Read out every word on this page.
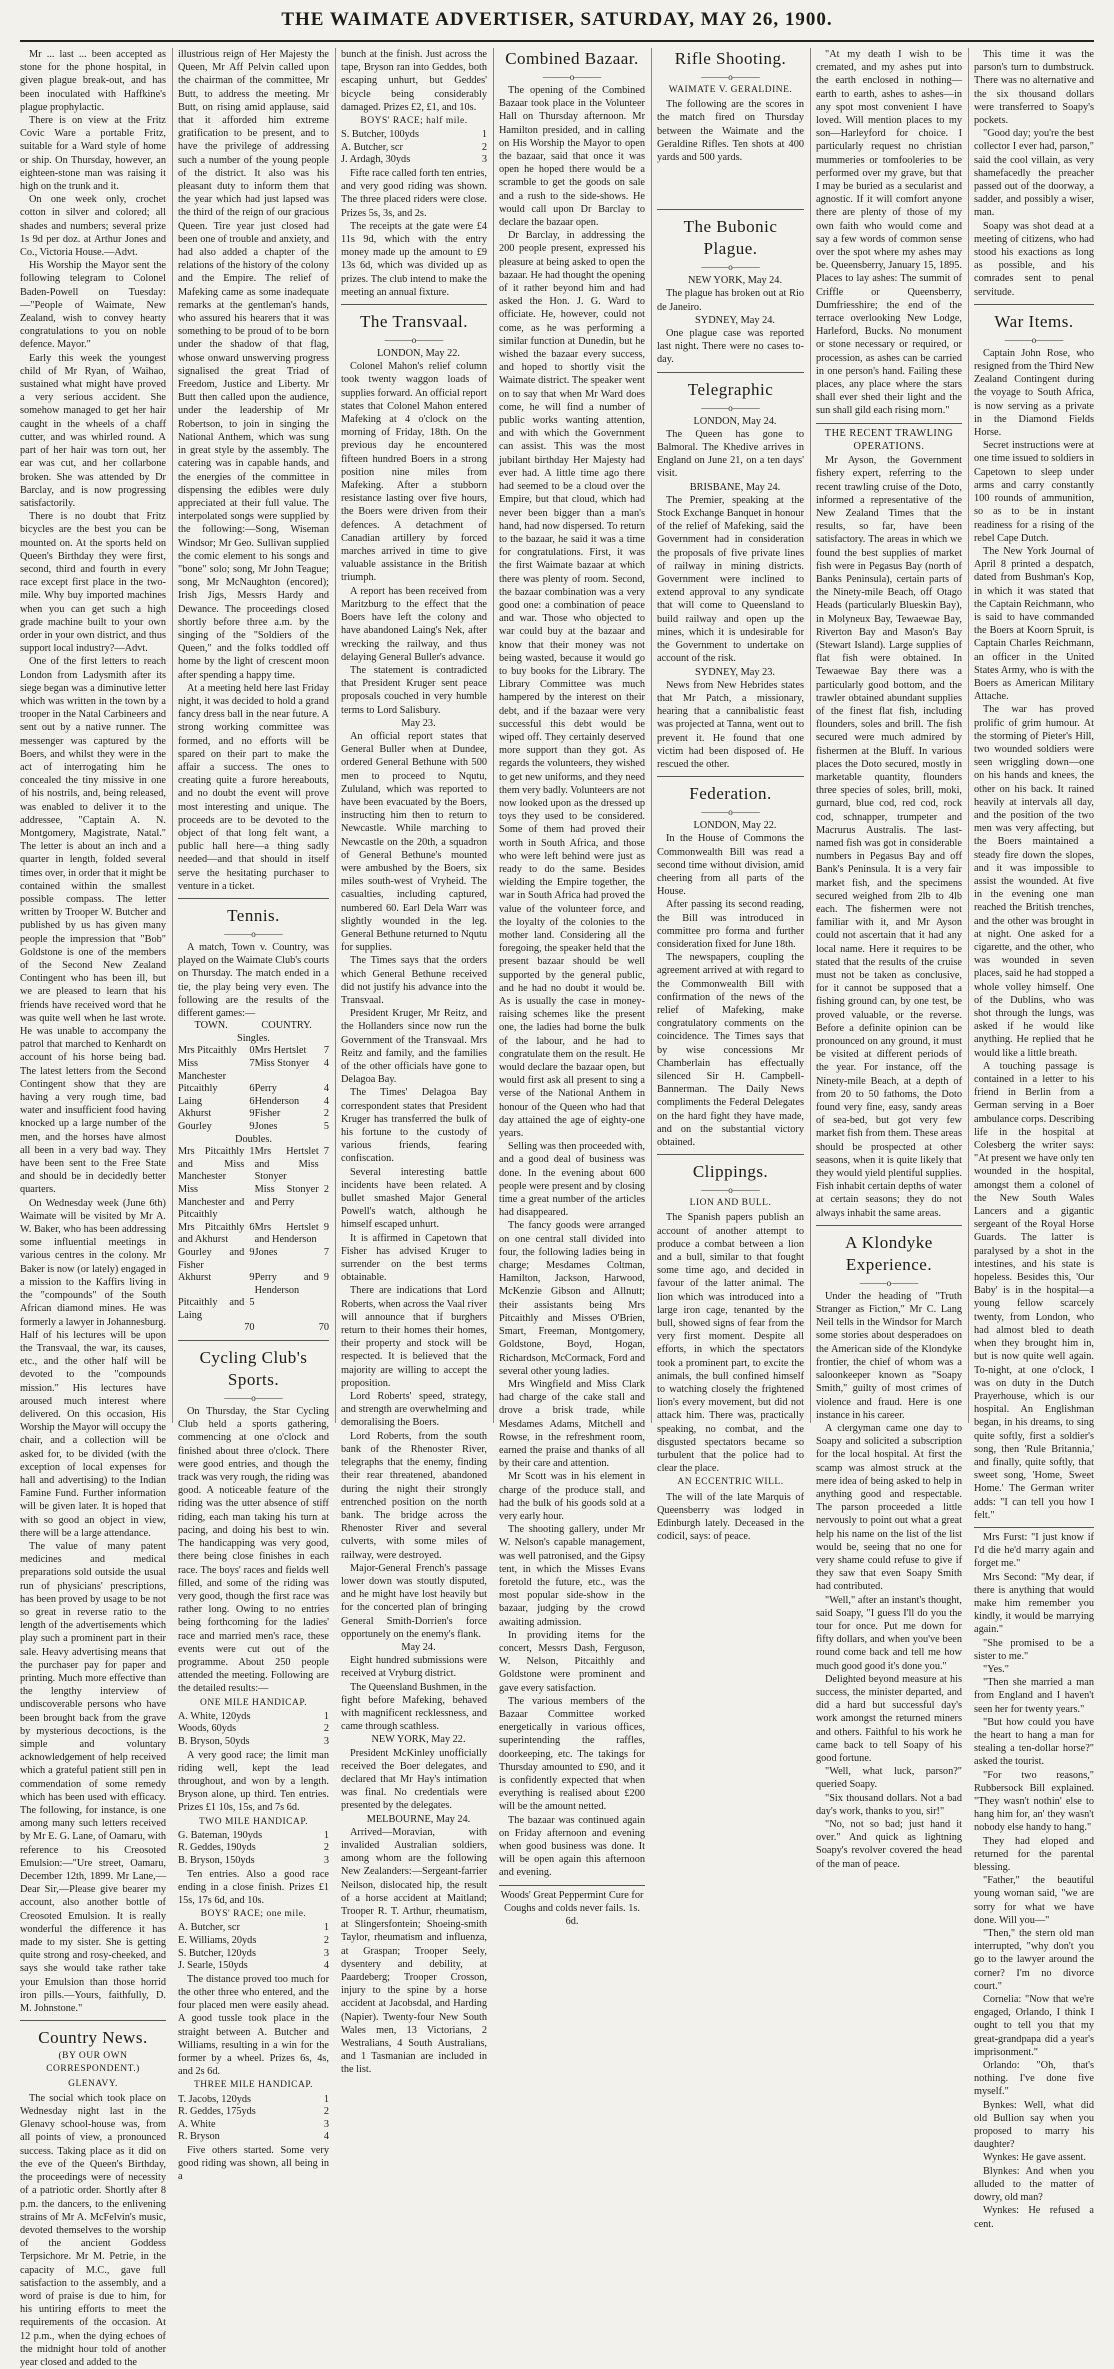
THE WAIMATE ADVERTISER, SATURDAY, MAY 26, 1900.

Mr ... last ... been accepted as stone for the phone hospital, in given plague break-out, and has been inoculated with Haffkine's plague prophylactic.

There is on view at the Fritz Covic Ware a portable Fritz, suitable for a Ward style of home or ship. On Thursday, however, an eighteen-stone man was raising it high on the trunk and it.

On one week only, crochet cotton in silver and colored; all shades and numbers; several prize 1s 9d per doz. at Arthur Jones and Co., Victoria House.—Advt.

His Worship the Mayor sent the following telegram to Colonel Baden-Powell on Tuesday:—"People of Waimate, New Zealand, wish to convey hearty congratulations to you on noble defence. Mayor."

Early this week the youngest child of Mr Ryan, of Waihao, sustained what might have proved a very serious accident. She somehow managed to get her hair caught in the wheels of a chaff cutter, and was whirled round. A part of her hair was torn out, her ear was cut, and her collarbone broken. She was attended by Dr Barclay, and is now progressing satisfactorily.

There is no doubt that Fritz bicycles are the best you can be mounted on. At the sports held on Queen's Birthday they were first, second, third and fourth in every race except first place in the two-mile. Why buy imported machines when you can get such a high grade machine built to your own order in your own district, and thus support local industry?—Advt.

One of the first letters to reach London from Ladysmith after its siege began was a diminutive letter which was written in the town by a trooper in the Natal Carbineers and sent out by a native runner. The messenger was captured by the Boers, and whilst they were in the act of interrogating him he concealed the tiny missive in one of his nostrils, and, being released, was enabled to deliver it to the addressee, "Captain A. N. Montgomery, Magistrate, Natal." The letter is about an inch and a quarter in length, folded several times over, in order that it might be contained within the smallest possible compass. The letter written by Trooper W. Butcher and published by us has given many people the impression that "Bob" Goldstone is one of the members of the Second New Zealand Contingent who has been ill, but we are pleased to learn that his friends have received word that he was quite well when he last wrote. He was unable to accompany the patrol that marched to Kenhardt on account of his horse being bad. The latest letters from the Second Contingent show that they are having a very rough time, bad water and insufficient food having knocked up a large number of the men, and the horses have almost all been in a very bad way. They have been sent to the Free State and should be in decidedly better quarters.

On Wednesday week (June 6th) Waimate will be visited by Mr A. W. Baker, who has been addressing some influential meetings in various centres in the colony. Mr Baker is now (or lately) engaged in a mission to the Kaffirs living in the "compounds" of the South African diamond mines. He was formerly a lawyer in Johannesburg. Half of his lectures will be upon the Transvaal, the war, its causes, etc., and the other half will be devoted to the "compounds mission." His lectures have aroused much interest where delivered. On this occasion, His Worship the Mayor will occupy the chair, and a collection will be asked for, to be divided (with the exception of local expenses for hall and advertising) to the Indian Famine Fund. Further information will be given later. It is hoped that with so good an object in view, there will be a large attendance.

The value of many patent medicines and medical preparations sold outside the usual run of physicians' prescriptions, has been proved by usage to be not so great in reverse ratio to the length of the advertisements which play such a prominent part in their sale. Heavy advertising means that the purchaser pay for paper and printing. Much more effective than the lengthy interview of undiscoverable persons who have been brought back from the grave by mysterious decoctions, is the simple and voluntary acknowledgement of help received which a grateful patient still pen in commendation of some remedy which has been used with efficacy. The following, for instance, is one among many such letters received by Mr E. G. Lane, of Oamaru, with reference to his Creosoted Emulsion:—"Ure street, Oamaru, December 12th, 1899. Mr Lane,—Dear Sir,—Please give bearer my account, also another bottle of Creosoted Emulsion. It is really wonderful the difference it has made to my sister. She is getting quite strong and rosy-cheeked, and says she would take rather take your Emulsion than those horrid iron pills.—Yours, faithfully, D. M. Johnstone."

Country News.
(BY OUR OWN CORRESPONDENT.)
GLENAVY.

The social which took place on Wednesday night last in the Glenavy school-house was, from all points of view, a pronounced success. Taking place as it did on the eve of the Queen's Birthday, the proceedings were of necessity of a patriotic order. Shortly after 8 p.m. the dancers, to the enlivening strains of Mr A. McFelvin's music, devoted themselves to the worship of the ancient Goddess Terpsichore. Mr M. Petrie, in the capacity of M.C., gave full satisfaction to the assembly, and a word of praise is due to him, for his untiring efforts to meet the requirements of the occasion. At 12 p.m., when the dying echoes of the midnight hour told of another year closed and added to the

illustrious reign of Her Majesty the Queen, Mr Aff Pelvin called upon the chairman of the committee, Mr Butt, to address the meeting. Mr Butt, on rising amid applause, said that it afforded him extreme gratification to be present, and to have the privilege of addressing such a number of the young people of the district. It also was his pleasant duty to inform them that the year which had just lapsed was the third of the reign of our gracious Queen. Tire year just closed had been one of trouble and anxiety, and had also added a chapter of the relations of the history of the colony and the Empire. The relief of Mafeking came as some inadequate remarks at the gentleman's hands, who assured his hearers that it was something to be proud of to be born under the shadow of that flag, whose onward unswerving progress signalised the great Triad of Freedom, Justice and Liberty. Mr Butt then called upon the audience, under the leadership of Mr Robertson, to join in singing the National Anthem, which was sung in great style by the assembly. The catering was in capable hands, and the energies of the committee in dispensing the edibles were duly appreciated at their full value. The interpolated songs were supplied by the following:—Song, Wiseman Windsor; Mr Geo. Sullivan supplied the comic element to his songs and "bone" solo; song, Mr John Teague; song, Mr McNaughton (encored); Irish Jigs, Messrs Hardy and Dewance. The proceedings closed shortly before three a.m. by the singing of the "Soldiers of the Queen," and the folks toddled off home by the light of crescent moon after spending a happy time.

At a meeting held here last Friday night, it was decided to hold a grand fancy dress ball in the near future. A strong working committee was formed, and no efforts will be spared on their part to make the affair a success. The ones to creating quite a furore hereabouts, and no doubt the event will prove most interesting and unique. The proceeds are to be devoted to the object of that long felt want, a public hall here—a thing sadly needed—and that should in itself serve the hesitating purchaser to venture in a ticket.

Tennis.
———o———

A match, Town v. Country, was played on the Waimate Club's courts on Thursday. The match ended in a tie, the play being very even. The following are the results of the different games:—

TOWN.		COUNTRY.	
Singles.			
Mrs Pitcaithly	0	Mrs Hertslet	7
Miss Manchester	7	Miss Stonyer	4
Pitcaithly	6	Perry	4
Laing	6	Henderson	4
Akhurst	9	Fisher	2
Gourley	9	Jones	5
Doubles.			
Mrs Pitcaithly and Miss Manchester	1	Mrs Hertslet and Miss Stonyer	7
Miss Manchester and Pitcaithly		Miss Stonyer and Perry	2
Mrs Pitcaithly and Akhurst	6	Mrs Hertslet and Henderson	9
Gourley and Fisher	9	Jones	7
Akhurst	9	Perry and Henderson	9
Pitcaithly and Laing	5		
	70		70
Cycling Club's Sports.
———o———

On Thursday, the Star Cycling Club held a sports gathering, commencing at one o'clock and finished about three o'clock. There were good entries, and though the track was very rough, the riding was good. A noticeable feature of the riding was the utter absence of stiff riding, each man taking his turn at pacing, and doing his best to win. The handicapping was very good, there being close finishes in each race. The boys' races and fields well filled, and some of the riding was very good, though the first race was rather long. Owing to no entries being forthcoming for the ladies' race and married men's race, these events were cut out of the programme. About 250 people attended the meeting. Following are the detailed results:—

ONE MILE HANDICAP.
A. White, 120yds	1
Woods, 60yds	2
B. Bryson, 50yds	3

A very good race; the limit man riding well, kept the lead throughout, and won by a length. Bryson alone, up third. Ten entries. Prizes £1 10s, 15s, and 7s 6d.

TWO MILE HANDICAP.
G. Bateman, 190yds	1
R. Geddes, 190yds	2
B. Bryson, 150yds	3

Ten entries. Also a good race ending in a close finish. Prizes £1 15s, 17s 6d, and 10s.

BOYS' RACE; one mile.
A. Butcher, scr	1
E. Williams, 20yds	2
S. Butcher, 120yds	3
J. Searle, 150yds	4

The distance proved too much for the other three who entered, and the four placed men were easily ahead. A good tussle took place in the straight between A. Butcher and Williams, resulting in a win for the former by a wheel. Prizes 6s, 4s, and 2s 6d.

THREE MILE HANDICAP.
T. Jacobs, 120yds	1
R. Geddes, 175yds	2
A. White	3
R. Bryson	4

Five others started. Some very good riding was shown, all being in a

bunch at the finish. Just across the tape, Bryson ran into Geddes, both escaping unhurt, but Geddes' bicycle being considerably damaged. Prizes £2, £1, and 10s.

BOYS' RACE; half mile.
S. Butcher, 100yds	1
A. Butcher, scr	2
J. Ardagh, 30yds	3

Fifte race called forth ten entries, and very good riding was shown. The three placed riders were close. Prizes 5s, 3s, and 2s.

The receipts at the gate were £4 11s 9d, which with the entry money made up the amount to £9 13s 6d, which was divided up as prizes. The club intend to make the meeting an annual fixture.

The Transvaal.
———o———

LONDON, May 22.

Colonel Mahon's relief column took twenty waggon loads of supplies forward. An official report states that Colonel Mahon entered Mafeking at 4 o'clock on the morning of Friday, 18th. On the previous day he encountered fifteen hundred Boers in a strong position nine miles from Mafeking. After a stubborn resistance lasting over five hours, the Boers were driven from their defences. A detachment of Canadian artillery by forced marches arrived in time to give valuable assistance in the British triumph.

A report has been received from Maritzburg to the effect that the Boers have left the colony and have abandoned Laing's Nek, after wrecking the railway, and thus delaying General Buller's advance.

The statement is contradicted that President Kruger sent peace proposals couched in very humble terms to Lord Salisbury.

May 23.

An official report states that General Buller when at Dundee, ordered General Bethune with 500 men to proceed to Nqutu, Zululand, which was reported to have been evacuated by the Boers, instructing him then to return to Newcastle. While marching to Newcastle on the 20th, a squadron of General Bethune's mounted were ambushed by the Boers, six miles south-west of Vryheid. The casualties, including captured, numbered 60. Earl Dela Warr was slightly wounded in the leg. General Bethune returned to Nqutu for supplies.

The Times says that the orders which General Bethune received did not justify his advance into the Transvaal.

President Kruger, Mr Reitz, and the Hollanders since now run the Government of the Transvaal. Mrs Reitz and family, and the families of the other officials have gone to Delagoa Bay.

The Times' Delagoa Bay correspondent states that President Kruger has transferred the bulk of his fortune to the custody of various friends, fearing confiscation.

Several interesting battle incidents have been related. A bullet smashed Major General Powell's watch, although he himself escaped unhurt.

It is affirmed in Capetown that Fisher has advised Kruger to surrender on the best terms obtainable.

There are indications that Lord Roberts, when across the Vaal river will announce that if burghers return to their homes their homes, their property and stock will be respected. It is believed that the majority are willing to accept the proposition.

Lord Roberts' speed, strategy, and strength are overwhelming and demoralising the Boers.

Lord Roberts, from the south bank of the Rhenoster River, telegraphs that the enemy, finding their rear threatened, abandoned during the night their strongly entrenched position on the north bank. The bridge across the Rhenoster River and several culverts, with some miles of railway, were destroyed.

Major-General French's passage lower down was stoutly disputed, and he might have lost heavily but for the concerted plan of bringing General Smith-Dorrien's force opportunely on the enemy's flank.

May 24.

Eight hundred submissions were received at Vryburg district.

The Queensland Bushmen, in the fight before Mafeking, behaved with magnificent recklessness, and came through scathless.

NEW YORK, May 22.

President McKinley unofficially received the Boer delegates, and declared that Mr Hay's intimation was final. No credentials were presented by the delegates.

MELBOURNE, May 24.

Arrived—Moravian, with invalided Australian soldiers, among whom are the following New Zealanders:—Sergeant-farrier Neilson, dislocated hip, the result of a horse accident at Maitland; Trooper R. T. Arthur, rheumatism, at Slingersfontein; Shoeing-smith Taylor, rheumatism and influenza, at Graspan; Trooper Seely, dysentery and debility, at Paardeberg; Trooper Crosson, injury to the spine by a horse accident at Jacobsdal, and Harding (Napier). Twenty-four New South Wales men, 13 Victorians, 2 Westralians, 4 South Australians, and 1 Tasmanian are included in the list.

Combined Bazaar.
———o———

The opening of the Combined Bazaar took place in the Volunteer Hall on Thursday afternoon. Mr Hamilton presided, and in calling on His Worship the Mayor to open the bazaar, said that once it was open he hoped there would be a scramble to get the goods on sale and a rush to the side-shows. He would call upon Dr Barclay to declare the bazaar open.

Dr Barclay, in addressing the 200 people present, expressed his pleasure at being asked to open the bazaar. He had thought the opening of it rather beyond him and had asked the Hon. J. G. Ward to officiate. He, however, could not come, as he was performing a similar function at Dunedin, but he wished the bazaar every success, and hoped to shortly visit the Waimate district. The speaker went on to say that when Mr Ward does come, he will find a number of public works wanting attention, and with which the Government can assist. This was the most jubilant birthday Her Majesty had ever had. A little time ago there had seemed to be a cloud over the Empire, but that cloud, which had never been bigger than a man's hand, had now dispersed. To return to the bazaar, he said it was a time for congratulations. First, it was the first Waimate bazaar at which there was plenty of room. Second, the bazaar combination was a very good one: a combination of peace and war. Those who objected to war could buy at the bazaar and know that their money was not being wasted, because it would go to buy books for the Library. The Library Committee was much hampered by the interest on their debt, and if the bazaar were very successful this debt would be wiped off. They certainly deserved more support than they got. As regards the volunteers, they wished to get new uniforms, and they need them very badly. Volunteers are not now looked upon as the dressed up toys they used to be considered. Some of them had proved their worth in South Africa, and those who were left behind were just as ready to do the same. Besides wielding the Empire together, the war in South Africa had proved the value of the volunteer force, and the loyalty of the colonies to the mother land. Considering all the foregoing, the speaker held that the present bazaar should be well supported by the general public, and he had no doubt it would be. As is usually the case in money-raising schemes like the present one, the ladies had borne the bulk of the labour, and he had to congratulate them on the result. He would declare the bazaar open, but would first ask all present to sing a verse of the National Anthem in honour of the Queen who had that day attained the age of eighty-one years.

Selling was then proceeded with, and a good deal of business was done. In the evening about 600 people were present and by closing time a great number of the articles had disappeared.

The fancy goods were arranged on one central stall divided into four, the following ladies being in charge; Mesdames Coltman, Hamilton, Jackson, Harwood, McKenzie Gibson and Allnutt; their assistants being Mrs Pitcaithly and Misses O'Brien, Smart, Freeman, Montgomery, Goldstone, Boyd, Hogan, Richardson, McCormack, Ford and several other young ladies.

Mrs Wingfield and Miss Clark had charge of the cake stall and drove a brisk trade, while Mesdames Adams, Mitchell and Rowse, in the refreshment room, earned the praise and thanks of all by their care and attention.

Mr Scott was in his element in charge of the produce stall, and had the bulk of his goods sold at a very early hour.

The shooting gallery, under Mr W. Nelson's capable management, was well patronised, and the Gipsy tent, in which the Misses Evans foretold the future, etc., was the most popular side-show in the bazaar, judging by the crowd awaiting admission.

In providing items for the concert, Messrs Dash, Ferguson, W. Nelson, Pitcaithly and Goldstone were prominent and gave every satisfaction.

The various members of the Bazaar Committee worked energetically in various offices, superintending the raffles, doorkeeping, etc. The takings for Thursday amounted to £90, and it is confidently expected that when everything is realised about £200 will be the amount netted.

The bazaar was continued again on Friday afternoon and evening when good business was done. It will be open again this afternoon and evening.

Woods' Great Peppermint Cure for Coughs and colds never fails. 1s. 6d.

Rifle Shooting.
———o———
WAIMATE V. GERALDINE.

The following are the scores in the match fired on Thursday between the Waimate and the Geraldine Rifles. Ten shots at 400 yards and 500 yards.

The Bubonic Plague.
———o———

NEW YORK, May 24.

The plague has broken out at Rio de Janeiro.

SYDNEY, May 24.

One plague case was reported last night. There were no cases to-day.

Telegraphic
———o———

LONDON, May 24.

The Queen has gone to Balmoral. The Khedive arrives in England on June 21, on a ten days' visit.

BRISBANE, May 24.

The Premier, speaking at the Stock Exchange Banquet in honour of the relief of Mafeking, said the Government had in consideration the proposals of five private lines of railway in mining districts. Government were inclined to extend approval to any syndicate that will come to Queensland to build railway and open up the mines, which it is undesirable for the Government to undertake on account of the risk.

SYDNEY, May 23.

News from New Hebrides states that Mr Patch, a missionary, hearing that a cannibalistic feast was projected at Tanna, went out to prevent it. He found that one victim had been disposed of. He rescued the other.

Federation.
———o———

LONDON, May 22.

In the House of Commons the Commonwealth Bill was read a second time without division, amid cheering from all parts of the House.

After passing its second reading, the Bill was introduced in committee pro forma and further consideration fixed for June 18th.

The newspapers, coupling the agreement arrived at with regard to the Commonwealth Bill with confirmation of the news of the relief of Mafeking, make congratulatory comments on the coincidence. The Times says that by wise concessions Mr Chamberlain has effectually silenced Sir H. Campbell-Bannerman. The Daily News compliments the Federal Delegates on the hard fight they have made, and on the substantial victory obtained.

Clippings.
———o———
LION AND BULL.

The Spanish papers publish an account of another attempt to produce a combat between a lion and a bull, similar to that fought some time ago, and decided in favour of the latter animal. The lion which was introduced into a large iron cage, tenanted by the bull, showed signs of fear from the very first moment. Despite all efforts, in which the spectators took a prominent part, to excite the animals, the bull confined himself to watching closely the frightened lion's every movement, but did not attack him. There was, practically speaking, no combat, and the disgusted spectators became so turbulent that the police had to clear the place.

AN ECCENTRIC WILL.

The will of the late Marquis of Queensberry was lodged in Edinburgh lately. Deceased in the codicil, says: of peace.

"At my death I wish to be cremated, and my ashes put into the earth enclosed in nothing—earth to earth, ashes to ashes—in any spot most convenient I have loved. Will mention places to my son—Harleyford for choice. I particularly request no christian mummeries or tomfooleries to be performed over my grave, but that I may be buried as a secularist and agnostic. If it will comfort anyone there are plenty of those of my own faith who would come and say a few words of common sense over the spot where my ashes may be. Queensberry, January 15, 1895. Places to lay ashes: The summit of Criffle or Queensberry, Dumfriesshire; the end of the terrace overlooking New Lodge, Harleford, Bucks. No monument or stone necessary or required, or procession, as ashes can be carried in one person's hand. Failing these places, any place where the stars shall ever shed their light and the sun shall gild each rising morn."

THE RECENT TRAWLING OPERATIONS.

Mr Ayson, the Government fishery expert, referring to the recent trawling cruise of the Doto, informed a representative of the New Zealand Times that the results, so far, have been satisfactory. The areas in which we found the best supplies of market fish were in Pegasus Bay (north of Banks Peninsula), certain parts of the Ninety-mile Beach, off Otago Heads (particularly Blueskin Bay), in Molyneux Bay, Tewaewae Bay, Riverton Bay and Mason's Bay (Stewart Island). Large supplies of flat fish were obtained. In Tewaewae Bay there was a particularly good bottom, and the trawler obtained abundant supplies of the finest flat fish, including flounders, soles and brill. The fish secured were much admired by fishermen at the Bluff. In various places the Doto secured, mostly in marketable quantity, flounders three species of soles, brill, moki, gurnard, blue cod, red cod, rock cod, schnapper, trumpeter and Macrurus Australis. The last-named fish was got in considerable numbers in Pegasus Bay and off Bank's Peninsula. It is a very fair market fish, and the specimens secured weighed from 2lb to 4lb each. The fishermen were not familiar with it, and Mr Ayson could not ascertain that it had any local name. Here it requires to be stated that the results of the cruise must not be taken as conclusive, for it cannot be supposed that a fishing ground can, by one test, be proved valuable, or the reverse. Before a definite opinion can be pronounced on any ground, it must be visited at different periods of the year. For instance, off the Ninety-mile Beach, at a depth of from 20 to 50 fathoms, the Doto found very fine, easy, sandy areas of sea-bed, but got very few market fish from them. These areas should be prospected at other seasons, when it is quite likely that they would yield plentiful supplies. Fish inhabit certain depths of water at certain seasons; they do not always inhabit the same areas.

A Klondyke Experience.
———o———

Under the heading of "Truth Stranger as Fiction," Mr C. Lang Neil tells in the Windsor for March some stories about desperadoes on the American side of the Klondyke frontier, the chief of whom was a saloonkeeper known as "Soapy Smith," guilty of most crimes of violence and fraud. Here is one instance in his career.

A clergyman came one day to Soapy and solicited a subscription for the local hospital. At first the scamp was almost struck at the mere idea of being asked to help in anything good and respectable. The parson proceeded a little nervously to point out what a great help his name on the list of the list would be, seeing that no one for very shame could refuse to give if they saw that even Soapy Smith had contributed.

"Well," after an instant's thought, said Soapy, "I guess I'll do you the tour for once. Put me down for fifty dollars, and when you've been round come back and tell me how much good good it's done you."

Delighted beyond measure at his success, the minister departed, and did a hard but successful day's work amongst the returned miners and others. Faithful to his work he came back to tell Soapy of his good fortune.

"Well, what luck, parson?" queried Soapy.

"Six thousand dollars. Not a bad day's work, thanks to you, sir!"

"No, not so bad; just hand it over." And quick as lightning Soapy's revolver covered the head of the man of peace.

This time it was the parson's turn to dumbstruck. There was no alternative and the six thousand dollars were transferred to Soapy's pockets.

"Good day; you're the best collector I ever had, parson," said the cool villain, as very shamefacedly the preacher passed out of the doorway, a sadder, and possibly a wiser, man.

Soapy was shot dead at a meeting of citizens, who had stood his exactions as long as possible, and his comrades sent to penal servitude.

War Items.
———o———

Captain John Rose, who resigned from the Third New Zealand Contingent during the voyage to South Africa, is now serving as a private in the Diamond Fields Horse.

Secret instructions were at one time issued to soldiers in Capetown to sleep under arms and carry constantly 100 rounds of ammunition, so as to be in instant readiness for a rising of the rebel Cape Dutch.

The New York Journal of April 8 printed a despatch, dated from Bushman's Kop, in which it was stated that the Captain Reichmann, who is said to have commanded the Boers at Koorn Spruit, is Captain Charles Reichmann, an officer in the United States Army, who is with the Boers as American Military Attache.

The war has proved prolific of grim humour. At the storming of Pieter's Hill, two wounded soldiers were seen wriggling down—one on his hands and knees, the other on his back. It rained heavily at intervals all day, and the position of the two men was very affecting, but the Boers maintained a steady fire down the slopes, and it was impossible to assist the wounded. At five in the evening one man reached the British trenches, and the other was brought in at night. One asked for a cigarette, and the other, who was wounded in seven places, said he had stopped a whole volley himself. One of the Dublins, who was shot through the lungs, was asked if he would like anything. He replied that he would like a little breath.

A touching passage is contained in a letter to his friend in Berlin from a German serving in a Boer ambulance corps. Describing life in the hospital at Colesberg the writer says: "At present we have only ten wounded in the hospital, amongst them a colonel of the New South Wales Lancers and a gigantic sergeant of the Royal Horse Guards. The latter is paralysed by a shot in the intestines, and his state is hopeless. Besides this, 'Our Baby' is in the hospital—a young fellow scarcely twenty, from London, who had almost bled to death when they brought him in, but is now quite well again. To-night, at one o'clock, I was on duty in the Dutch Prayerhouse, which is our hospital. An Englishman began, in his dreams, to sing quite softly, first a soldier's song, then 'Rule Britannia,' and finally, quite softly, that sweet song, 'Home, Sweet Home.' The German writer adds: "I can tell you how I felt."

Mrs Furst: "I just know if I'd die he'd marry again and forget me."

Mrs Second: "My dear, if there is anything that would make him remember you kindly, it would be marrying again."

"She promised to be a sister to me."

"Yes."

"Then she married a man from England and I haven't seen her for twenty years."

"But how could you have the heart to hang a man for stealing a ten-dollar horse?" asked the tourist.

"For two reasons," Rubbersock Bill explained. "They wasn't nothin' else to hang him for, an' they wasn't nobody else handy to hang."

They had eloped and returned for the parental blessing.

"Father," the beautiful young woman said, "we are sorry for what we have done. Will you—"

"Then," the stern old man interrupted, "why don't you go to the lawyer around the corner? I'm no divorce court."

Cornelia: "Now that we're engaged, Orlando, I think I ought to tell you that my great-grandpapa did a year's imprisonment."

Orlando: "Oh, that's nothing. I've done five myself."

Bynkes: Well, what did old Bullion say when you proposed to marry his daughter?

Wynkes: He gave assent.

Blynkes: And when you alluded to the matter of dowry, old man?

Wynkes: He refused a cent.
